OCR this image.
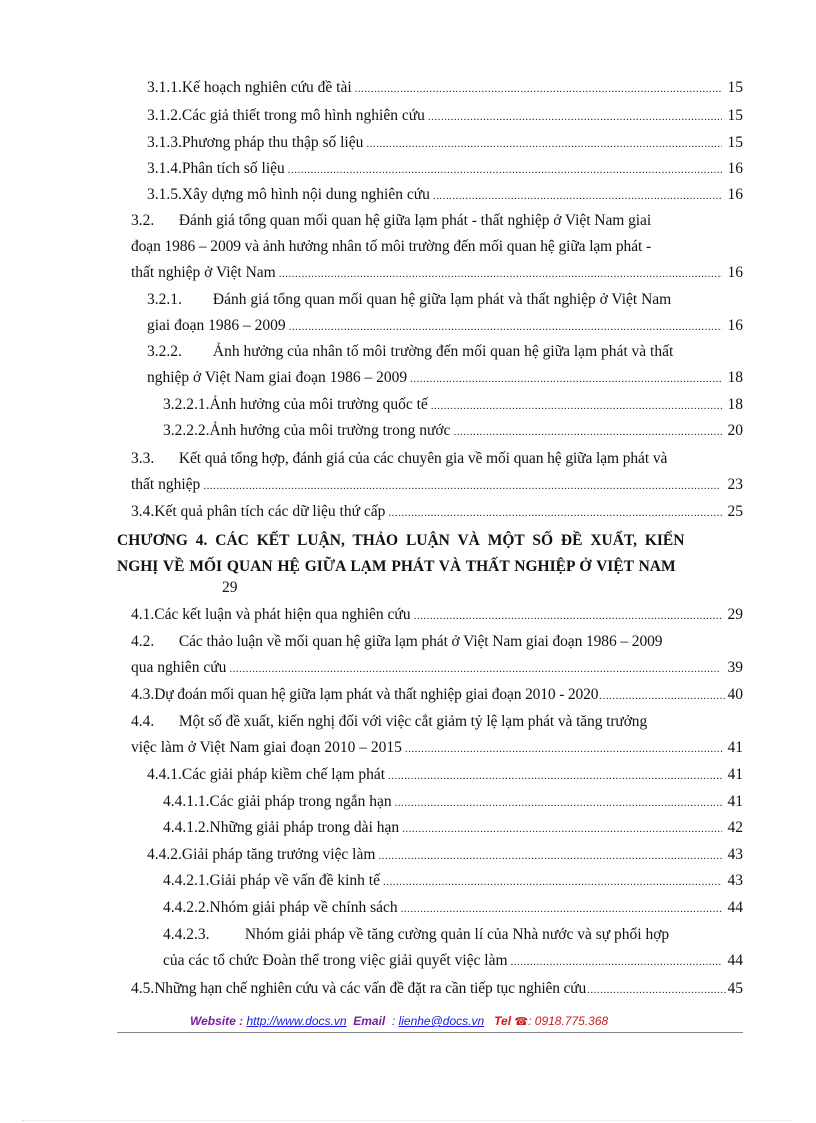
3.1.1. Kế hoạch nghiên cứu đề tài .....	15
3.1.2. Các giả thiết trong mô hình nghiên cứu .....	15
3.1.3. Phương pháp thu thập số liệu .....	15
3.1.4. Phân tích số liệu .....	16
3.1.5. Xây dựng mô hình nội dung nghiên cứu .....	16
3.2. Đánh giá tổng quan mối quan hệ giữa lạm phát - thất nghiệp ở Việt Nam giai
đoạn 1986 – 2009 và ảnh hưởng nhân tố môi trường đến mối quan hệ giữa lạm phát -
thất nghiệp ở Việt Nam .....	16
3.2.1. Đánh giá tổng quan mối quan hệ giữa lạm phát và thất nghiệp ở Việt Nam
giai đoạn 1986 – 2009 .....	16
3.2.2. Ảnh hưởng của nhân tố môi trường đến mối quan hệ giữa lạm phát và thất
nghiệp ở Việt Nam giai đoạn 1986 – 2009 .....	18
3.2.2.1. Ảnh hưởng của môi trường quốc tế .....	18
3.2.2.2. Ảnh hưởng của môi trường trong nước .....	20
3.3. Kết quả tổng hợp, đánh giá của các chuyên gia về mối quan hệ giữa lạm phát và
thất nghiệp .....	23
3.4. Kết quả phân tích các dữ liệu thứ cấp .....	25
CHƯƠNG 4. CÁC KẾT LUẬN, THẢO LUẬN VÀ MỘT SỐ ĐỀ XUẤT, KIẾN
NGHỊ VỀ MỐI QUAN HỆ GIỮA LẠM PHÁT VÀ THẤT NGHIỆP Ở VIỆT NAM
29
4.1. Các kết luận và phát hiện qua nghiên cứu .....	29
4.2. Các thảo luận về mối quan hệ giữa lạm phát ở Việt Nam giai đoạn 1986 – 2009
qua nghiên cứu .....	39
4.3. Dự đoán mối quan hệ giữa lạm phát và thất nghiệp giai đoạn 2010 - 2020 .....	40
4.4. Một số đề xuất, kiến nghị đối với việc cắt giảm tỷ lệ lạm phát và tăng trưởng
việc làm ở Việt Nam giai đoạn 2010 – 2015 .....	41
4.4.1. Các giải pháp kiềm chế lạm phát .....	41
4.4.1.1. Các giải pháp trong ngắn hạn .....	41
4.4.1.2. Những giải pháp trong dài hạn .....	42
4.4.2. Giải pháp tăng trưởng việc làm .....	43
4.4.2.1. Giải pháp về vấn đề kinh tế .....	43
4.4.2.2. Nhóm giải pháp về chính sách .....	44
4.4.2.3. Nhóm giải pháp về tăng cường quản lí của Nhà nước và sự phối hợp
của các tổ chức Đoàn thể trong việc giải quyết việc làm .....	44
4.5. Những hạn chế nghiên cứu và các vấn đề đặt ra cần tiếp tục nghiên cứu .....	45
Website : http://www.docs.vn Email : lienhe@docs.vn Tel ☎: 0918.775.368
